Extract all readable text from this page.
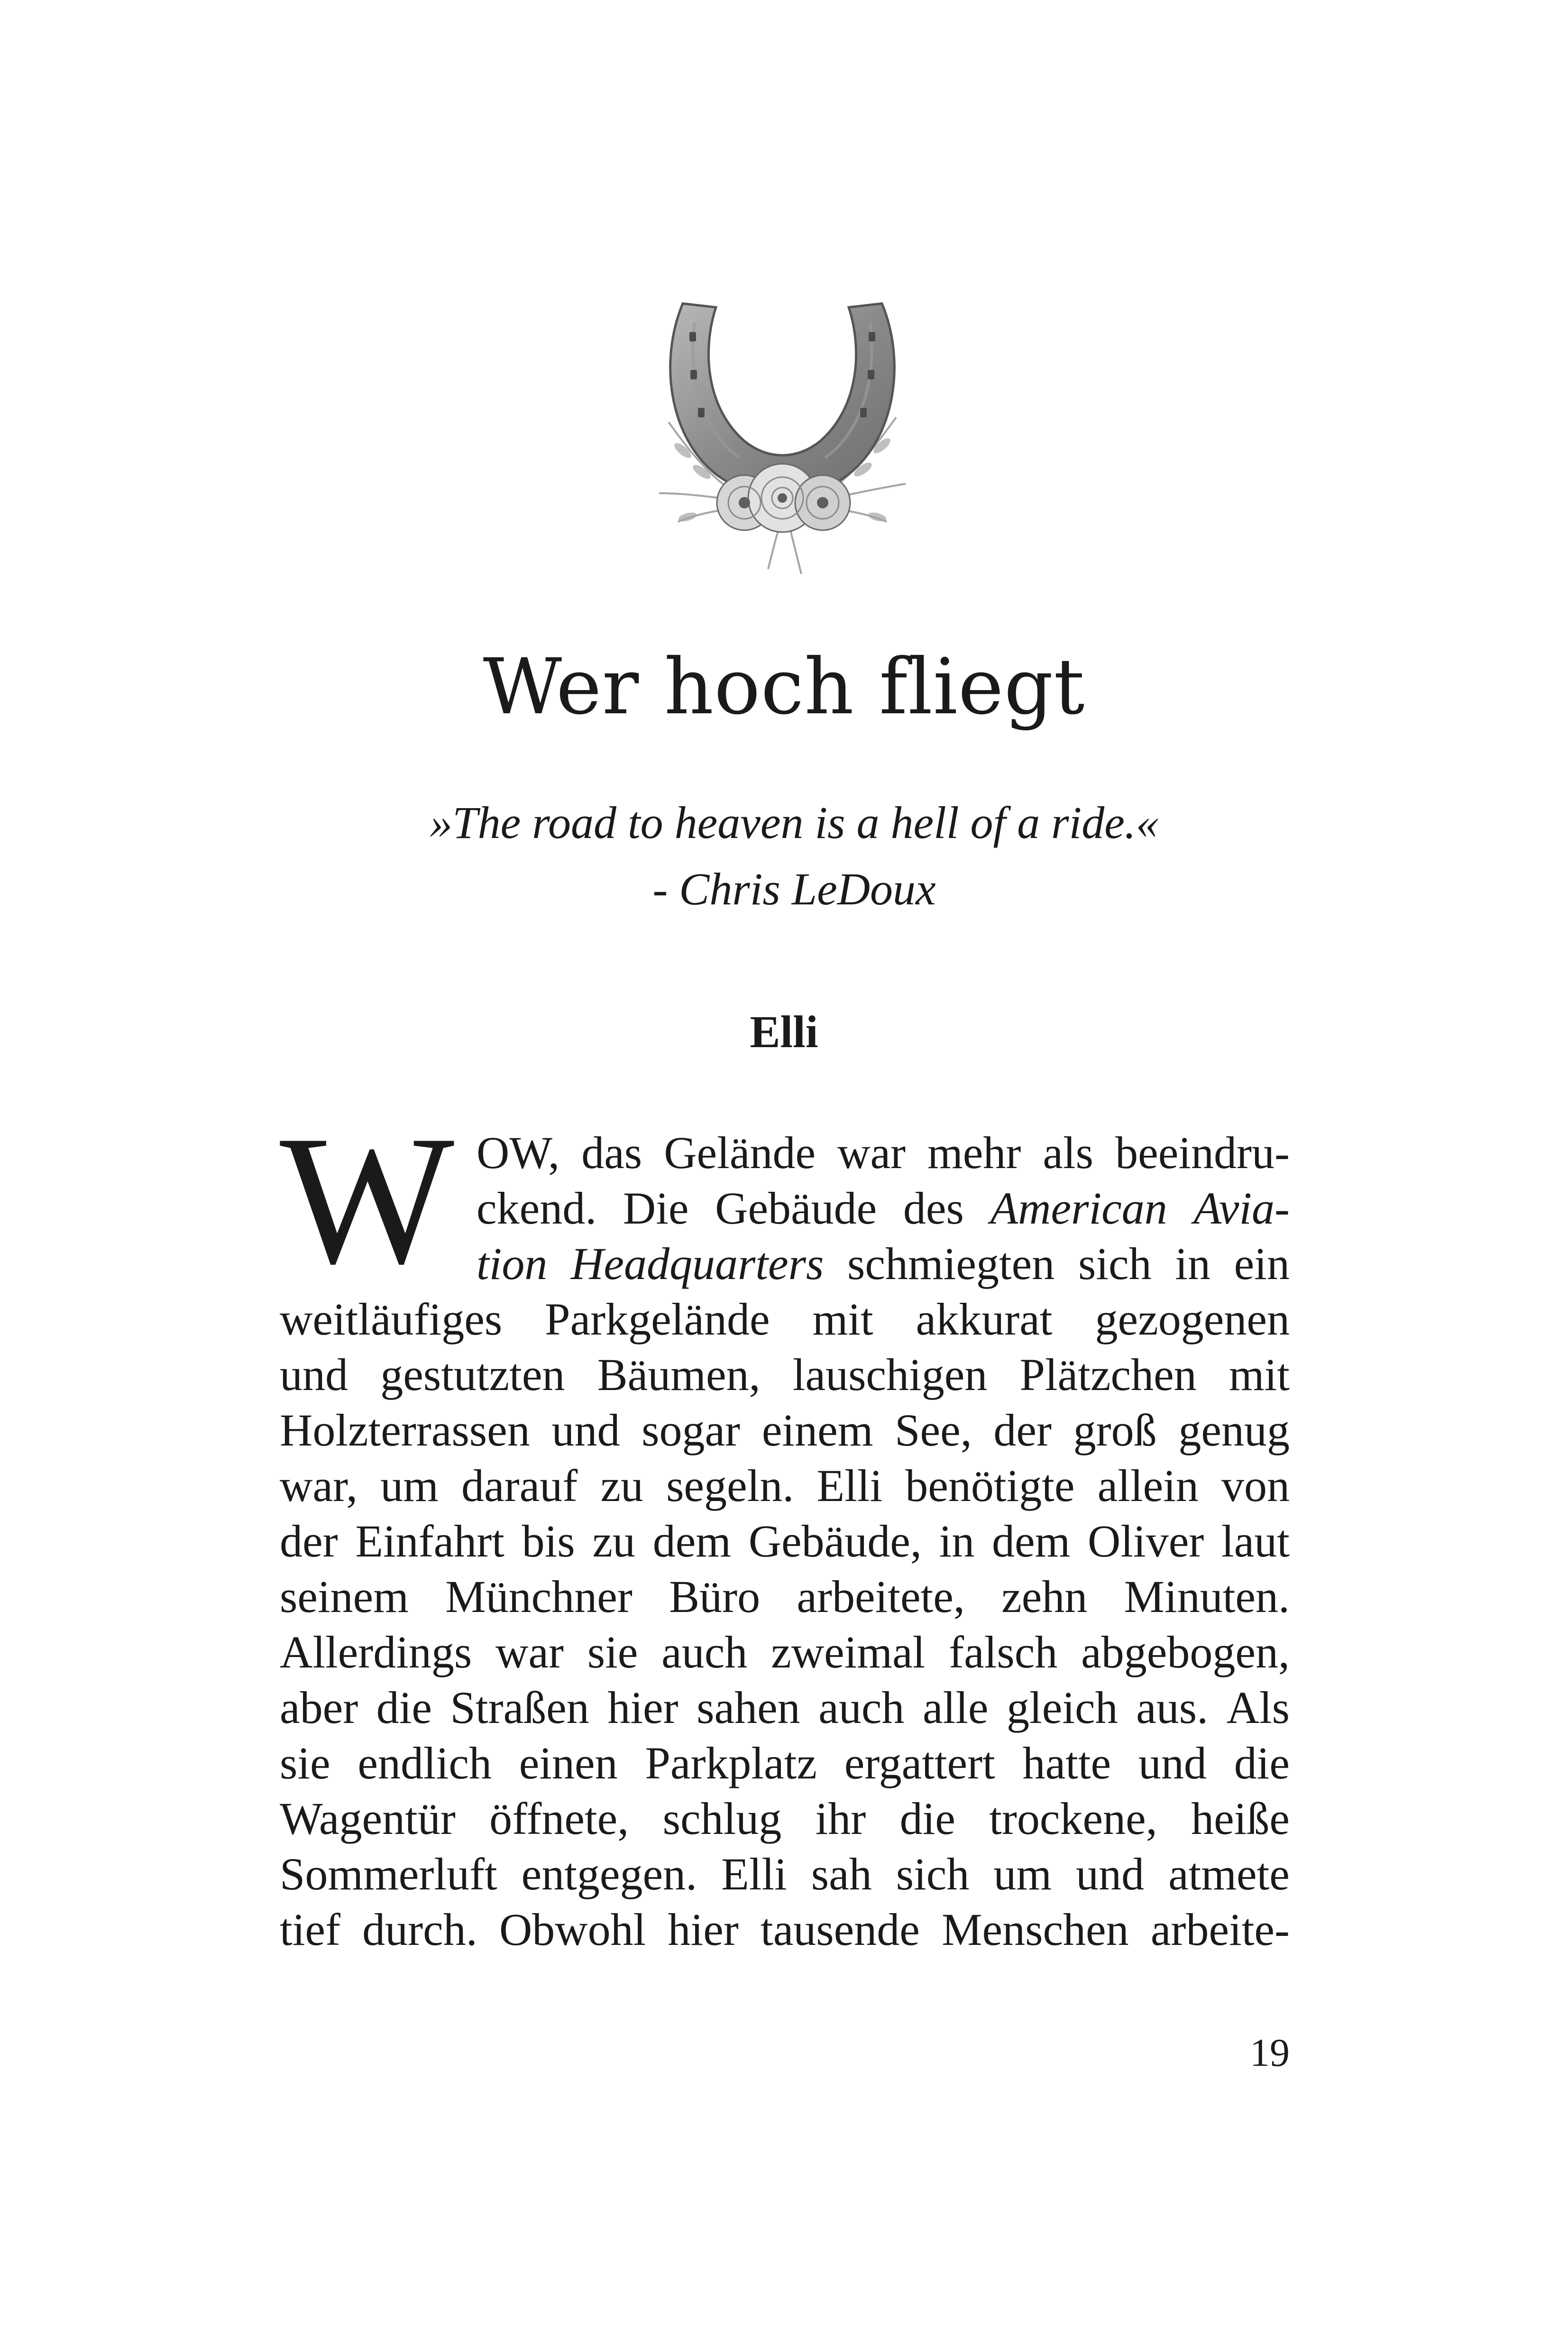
Wer hoch fliegt
»The road to heaven is a hell of a ride.«
- Chris LeDoux
Elli
W OW, das Gelände war mehr als beeindru-
ckend. Die Gebäude des American Avia-
tion Headquarters schmiegten sich in ein
weitläufiges Parkgelände mit akkurat gezogenen
und gestutzten Bäumen, lauschigen Plätzchen mit
Holzterrassen und sogar einem See, der groß genug
war, um darauf zu segeln. Elli benötigte allein von
der Einfahrt bis zu dem Gebäude, in dem Oliver laut
seinem Münchner Büro arbeitete, zehn Minuten.
Allerdings war sie auch zweimal falsch abgebogen,
aber die Straßen hier sahen auch alle gleich aus. Als
sie endlich einen Parkplatz ergattert hatte und die
Wagentür öffnete, schlug ihr die trockene, heiße
Sommerluft entgegen. Elli sah sich um und atmete
tief durch. Obwohl hier tausende Menschen arbeite-
19
